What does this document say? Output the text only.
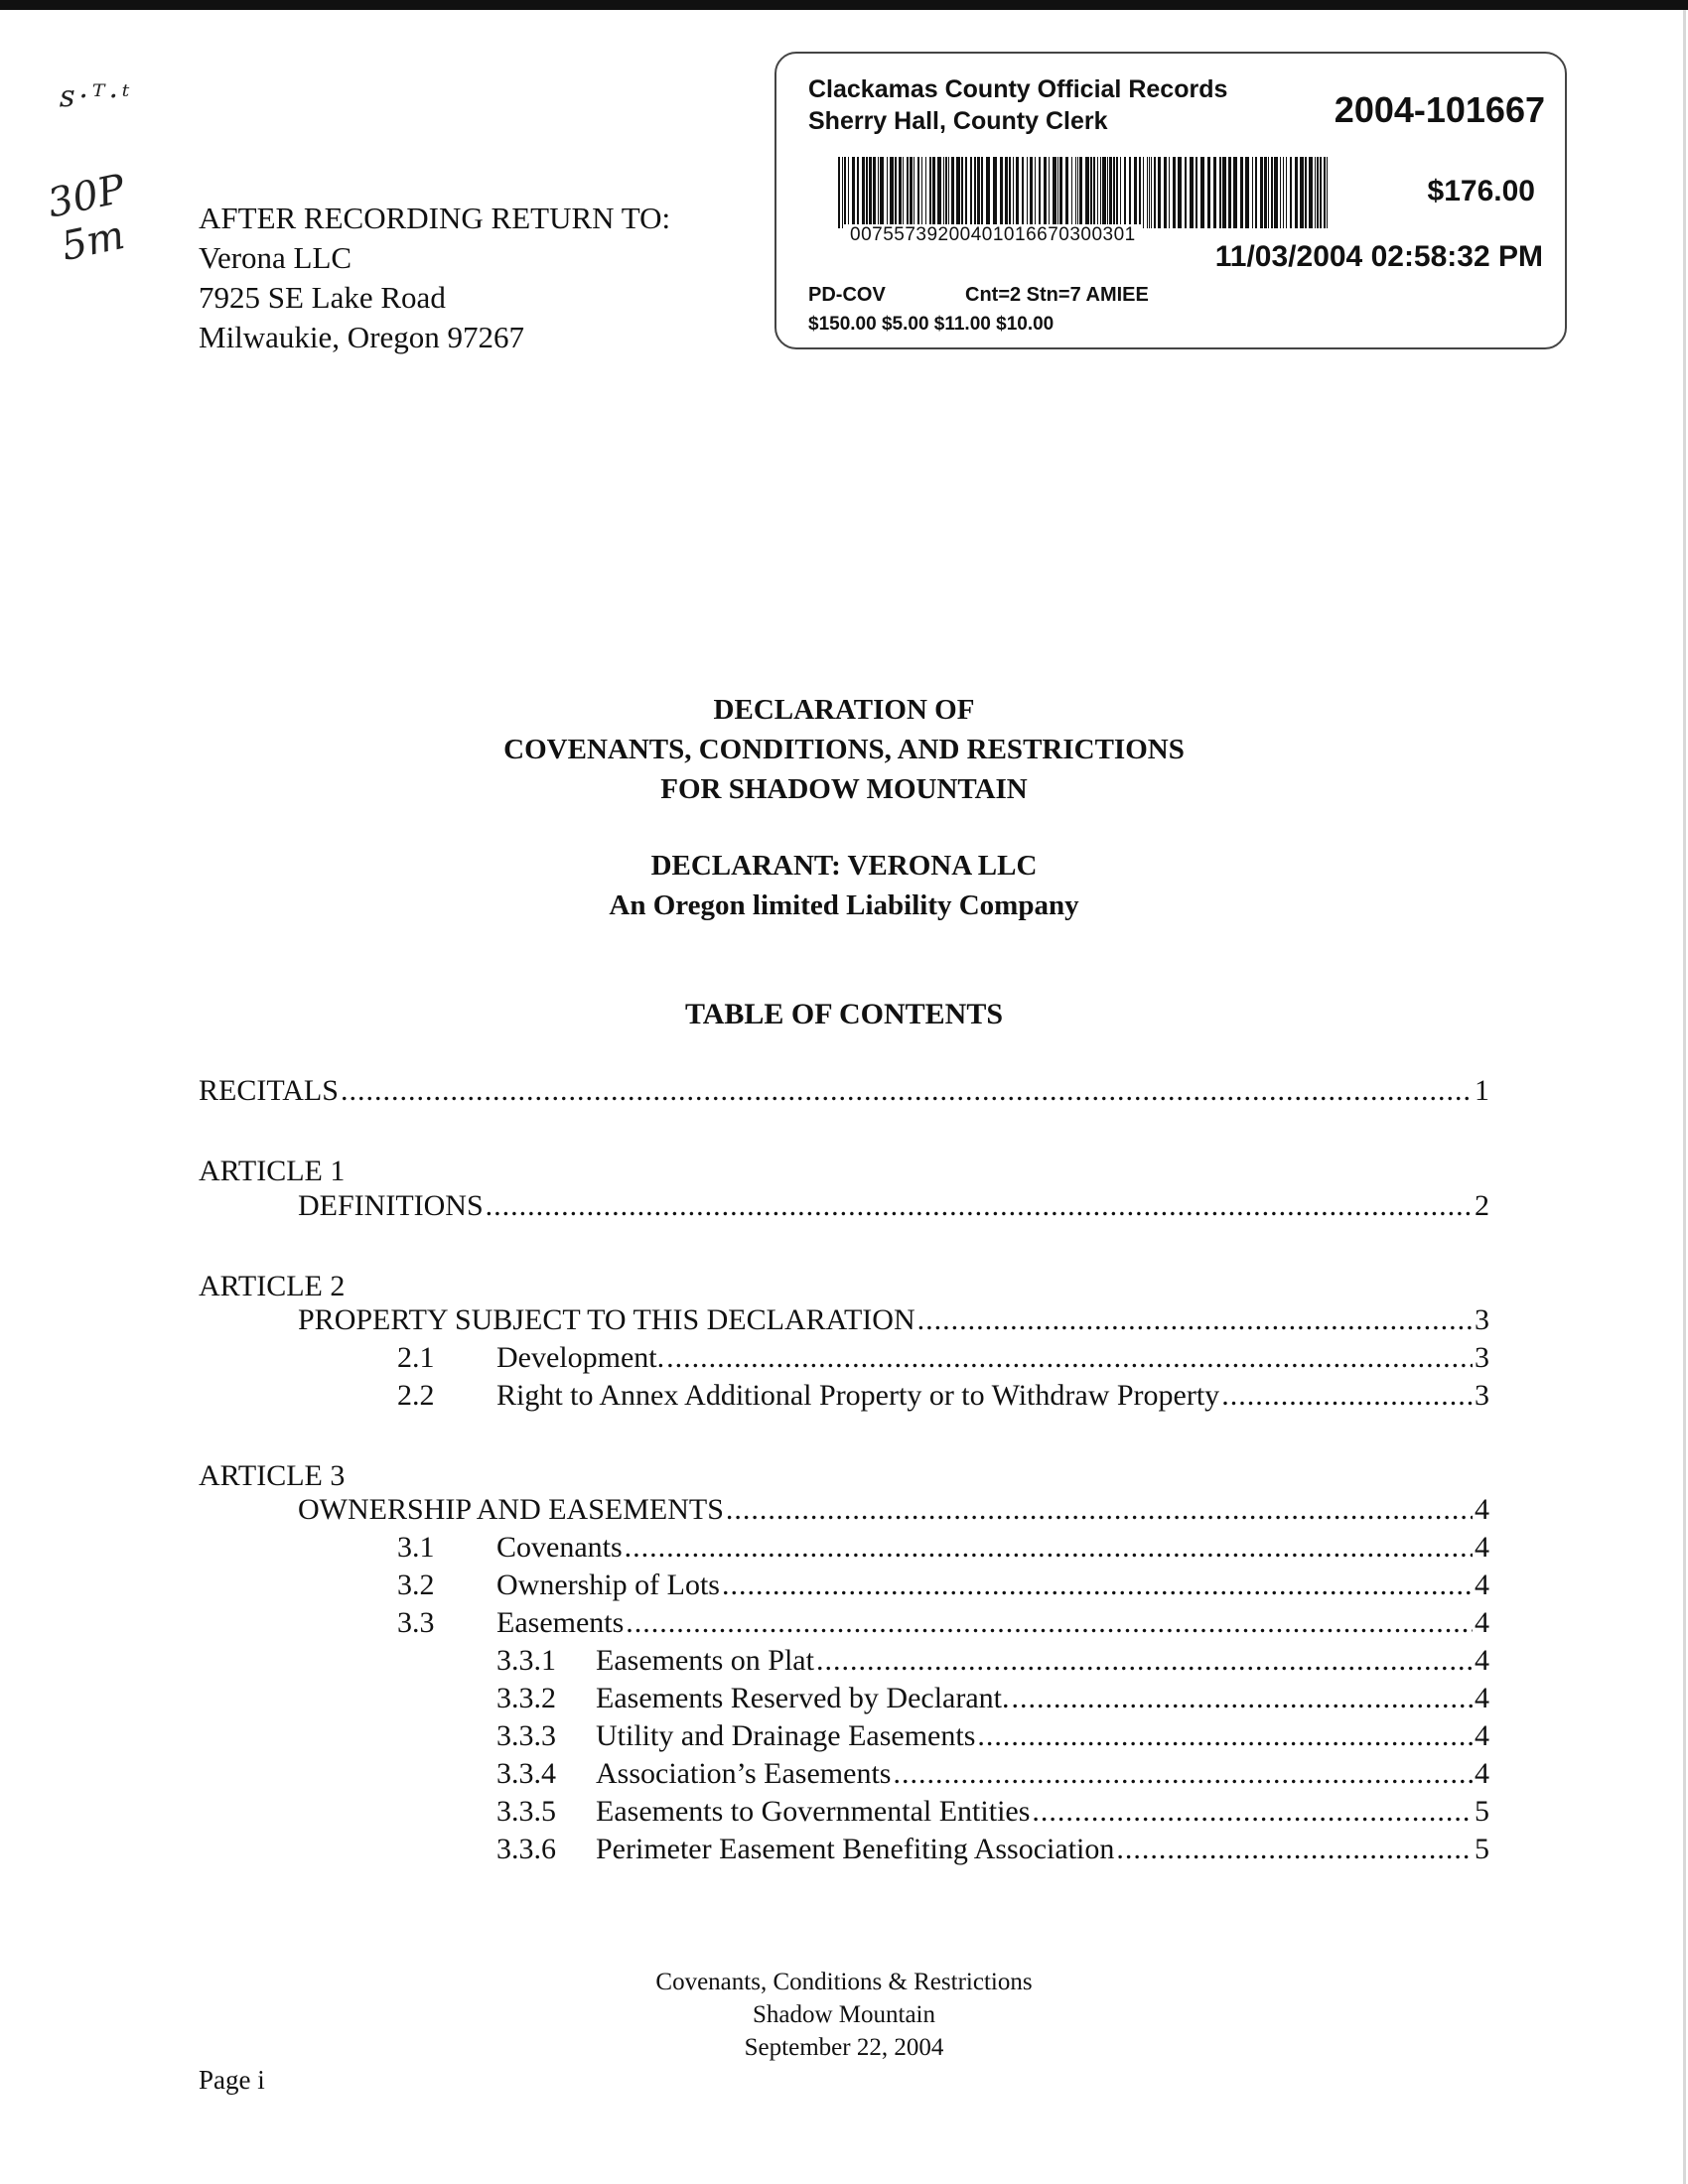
ꜱ·ᵀ·ᵗ
30P
5m AFTER RECORDING RETURN TO:
Verona LLC
7925 SE Lake Road
Milwaukie, Oregon 97267
Clackamas County Official Records
Sherry Hall, County Clerk	2004-101667
00755739200401016670300301
$176.00
11/03/2004 02:58:32 PM
PD-COV	Cnt=2 Stn=7 AMIEE
$150.00 $5.00 $11.00 $10.00
DECLARATION OF
COVENANTS, CONDITIONS, AND RESTRICTIONS
FOR SHADOW MOUNTAIN
DECLARANT: VERONA LLC
An Oregon limited Liability Company
TABLE OF CONTENTS
RECITALS .....	1
ARTICLE 1
DEFINITIONS .....	2
ARTICLE 2
PROPERTY SUBJECT TO THIS DECLARATION .....	3
2.1	Development. .....	3
2.2	Right to Annex Additional Property or to Withdraw Property .....	3
ARTICLE 3
OWNERSHIP AND EASEMENTS .....	4
3.1	Covenants .....	4
3.2	Ownership of Lots .....	4
3.3	Easements .....	4
3.3.1	Easements on Plat .....	4
3.3.2	Easements Reserved by Declarant. .....	4
3.3.3	Utility and Drainage Easements .....	4
3.3.4	Association’s Easements .....	4
3.3.5	Easements to Governmental Entities .....	5
3.3.6	Perimeter Easement Benefiting Association .....	5
Covenants, Conditions & Restrictions
Shadow Mountain
September 22, 2004
Page i
